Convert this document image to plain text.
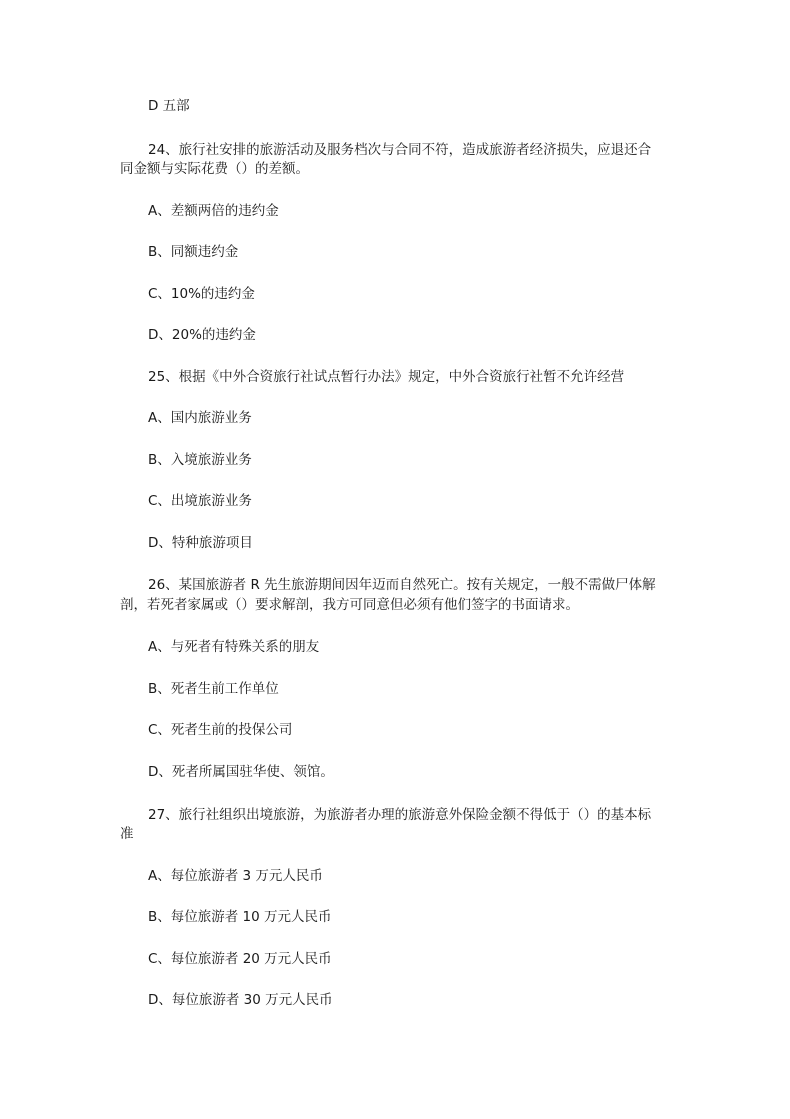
D 五部
24、旅行社安排的旅游活动及服务档次与合同不符，造成旅游者经济损失，应退还合
同金额与实际花费（）的差额。
A、差额两倍的违约金
B、同额违约金
C、10%的违约金
D、20%的违约金
25、根据《中外合资旅行社试点暂行办法》规定，中外合资旅行社暂不允许经营
A、国内旅游业务
B、入境旅游业务
C、出境旅游业务
D、特种旅游项目
26、某国旅游者 R 先生旅游期间因年迈而自然死亡。按有关规定，一般不需做尸体解
剖，若死者家属或（）要求解剖，我方可同意但必须有他们签字的书面请求。
A、与死者有特殊关系的朋友
B、死者生前工作单位
C、死者生前的投保公司
D、死者所属国驻华使、领馆。
27、旅行社组织出境旅游，为旅游者办理的旅游意外保险金额不得低于（）的基本标
准
A、每位旅游者 3 万元人民币
B、每位旅游者 10 万元人民币
C、每位旅游者 20 万元人民币
D、每位旅游者 30 万元人民币
